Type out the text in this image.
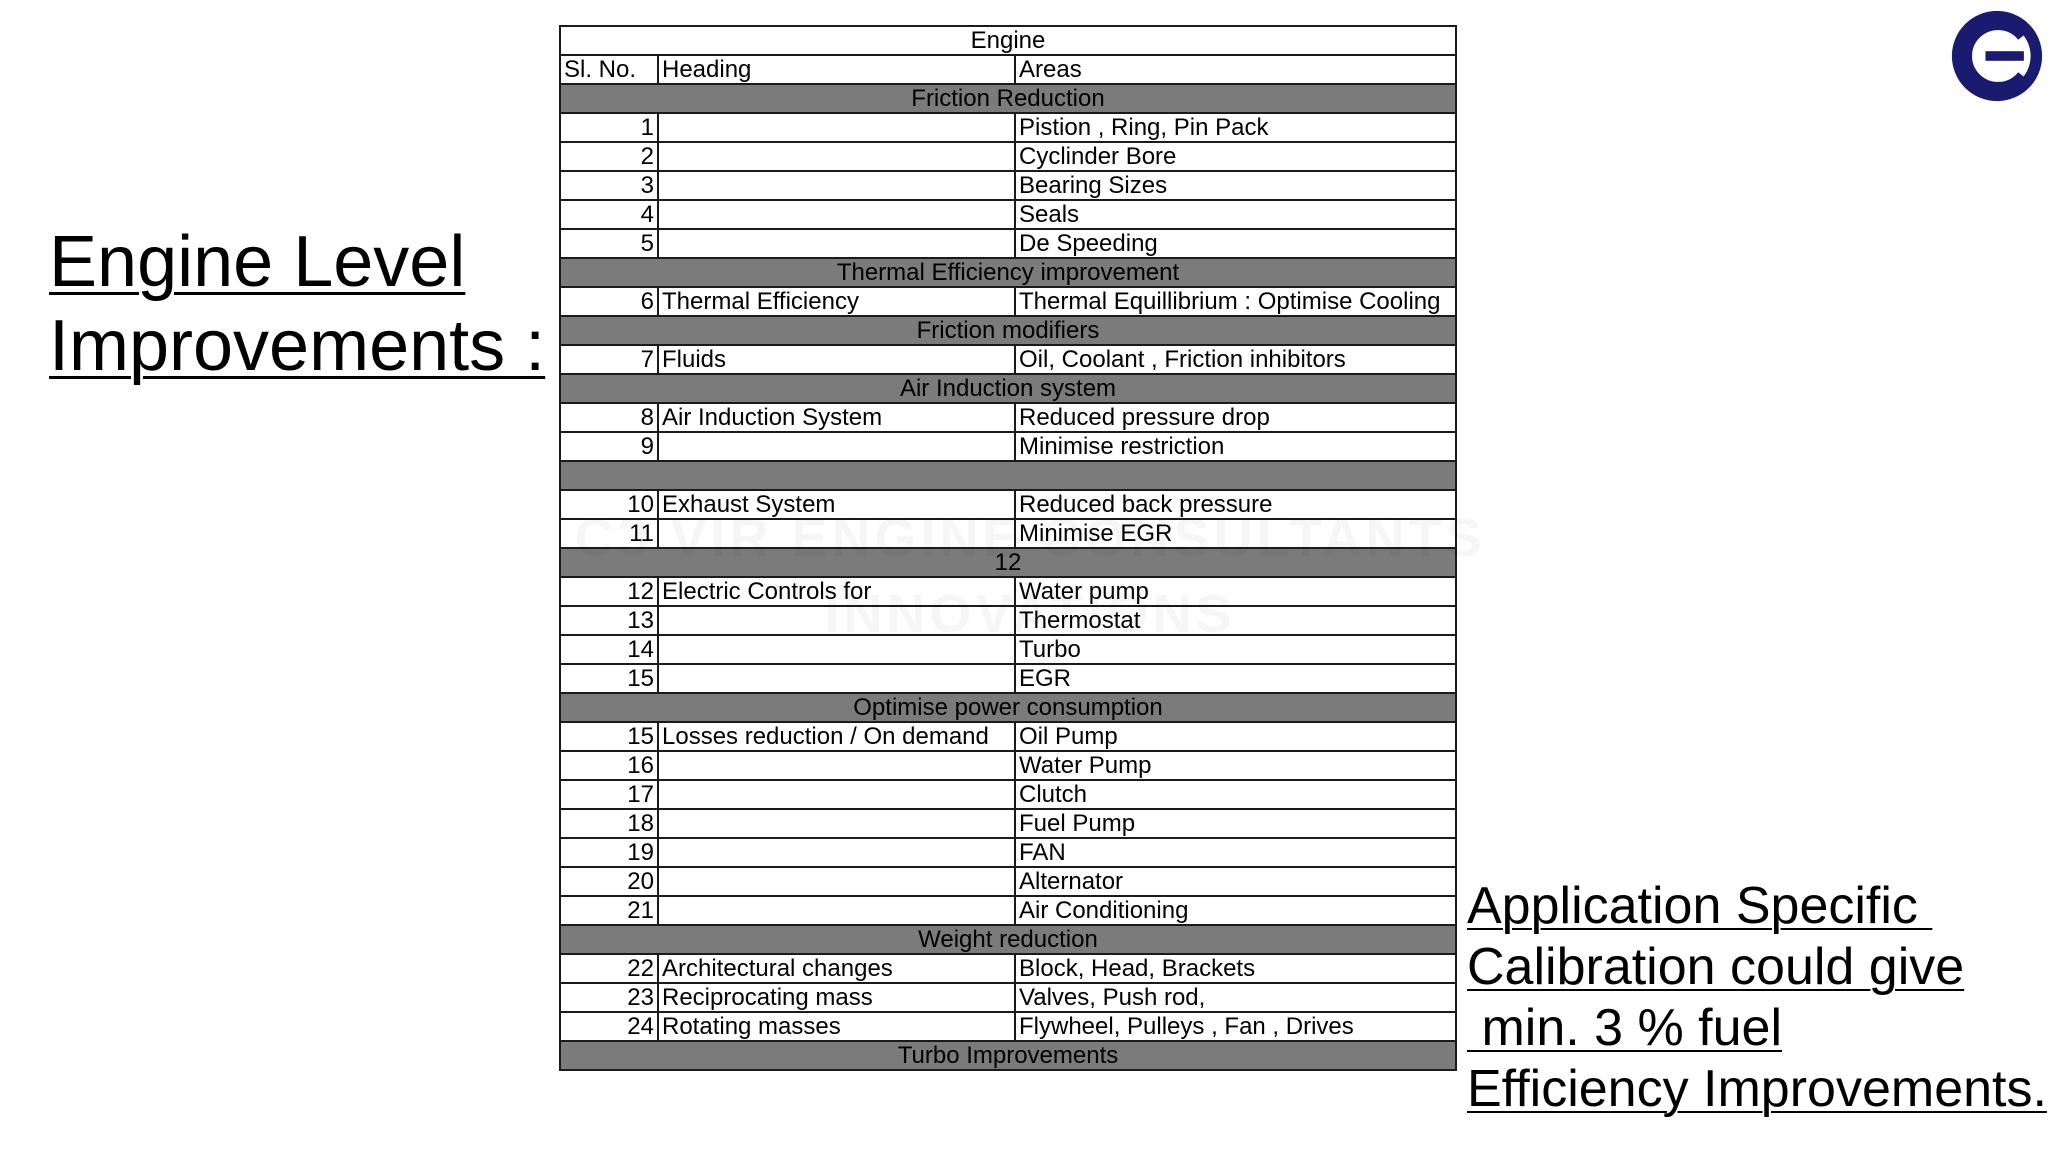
Engine Level
Improvements :
Engine		
Sl. No.	Heading	Areas
Friction Reduction		
1		Pistion , Ring, Pin Pack
2		Cyclinder Bore
3		Bearing Sizes
4		Seals
5		De Speeding
Thermal Efficiency improvement		
6	Thermal Efficiency	Thermal Equillibrium : Optimise Cooling
Friction modifiers		
7	Fluids	Oil, Coolant , Friction inhibitors
Air Induction system		
8	Air Induction System	Reduced pressure drop
9		Minimise restriction

10	Exhaust System	Reduced back pressure
11		Minimise EGR
12		
12	Electric Controls for	Water pump
13		Thermostat
14		Turbo
15		EGR
Optimise power consumption		
15	Losses reduction / On demand	Oil Pump
16		Water Pump
17		Clutch
18		Fuel Pump
19		FAN
20		Alternator
21		Air Conditioning
Weight reduction		
22	Architectural changes	Block, Head, Brackets
23	Reciprocating mass	Valves, Push rod,
24	Rotating masses	Flywheel, Pulleys , Fan , Drives
Turbo Improvements		
Application Specific
Calibration could give
min. 3 % fuel
Efficiency Improvements.
